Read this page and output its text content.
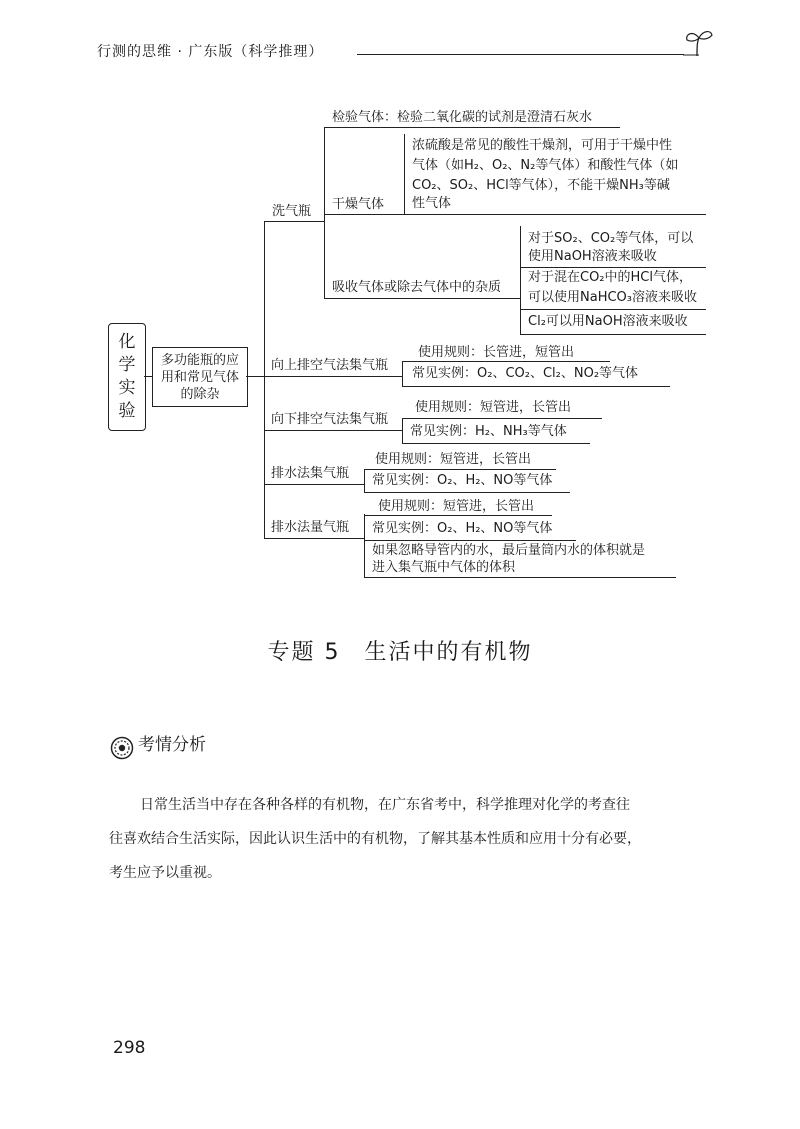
行测的思维 · 广东版（科学推理）
化学实验
多功能瓶的应用和常见气体的除杂
洗气瓶
检验气体：检验二氧化碳的试剂是澄清石灰水
干燥气体
浓硫酸是常见的酸性干燥剂，可用于干燥中性
气体（如H₂、O₂、N₂等气体）和酸性气体（如
CO₂、SO₂、HCl等气体），不能干燥NH₃等碱
性气体
吸收气体或除去气体中的杂质
对于SO₂、CO₂等气体，可以
使用NaOH溶液来吸收
对于混在CO₂中的HCl气体，
可以使用NaHCO₃溶液来吸收
Cl₂可以用NaOH溶液来吸收
向上排空气法集气瓶
使用规则：长管进，短管出
常见实例：O₂、CO₂、Cl₂、NO₂等气体
向下排空气法集气瓶
使用规则：短管进，长管出
常见实例：H₂、NH₃等气体
排水法集气瓶
使用规则：短管进，长管出
常见实例：O₂、H₂、NO等气体
排水法量气瓶
使用规则：短管进，长管出
常见实例：O₂、H₂、NO等气体
如果忽略导管内的水，最后量筒内水的体积就是
进入集气瓶中气体的体积
专题 5　生活中的有机物
考情分析
日常生活当中存在各种各样的有机物，在广东省考中，科学推理对化学的考查往
往喜欢结合生活实际，因此认识生活中的有机物，了解其基本性质和应用十分有必要，
考生应予以重视。
298
